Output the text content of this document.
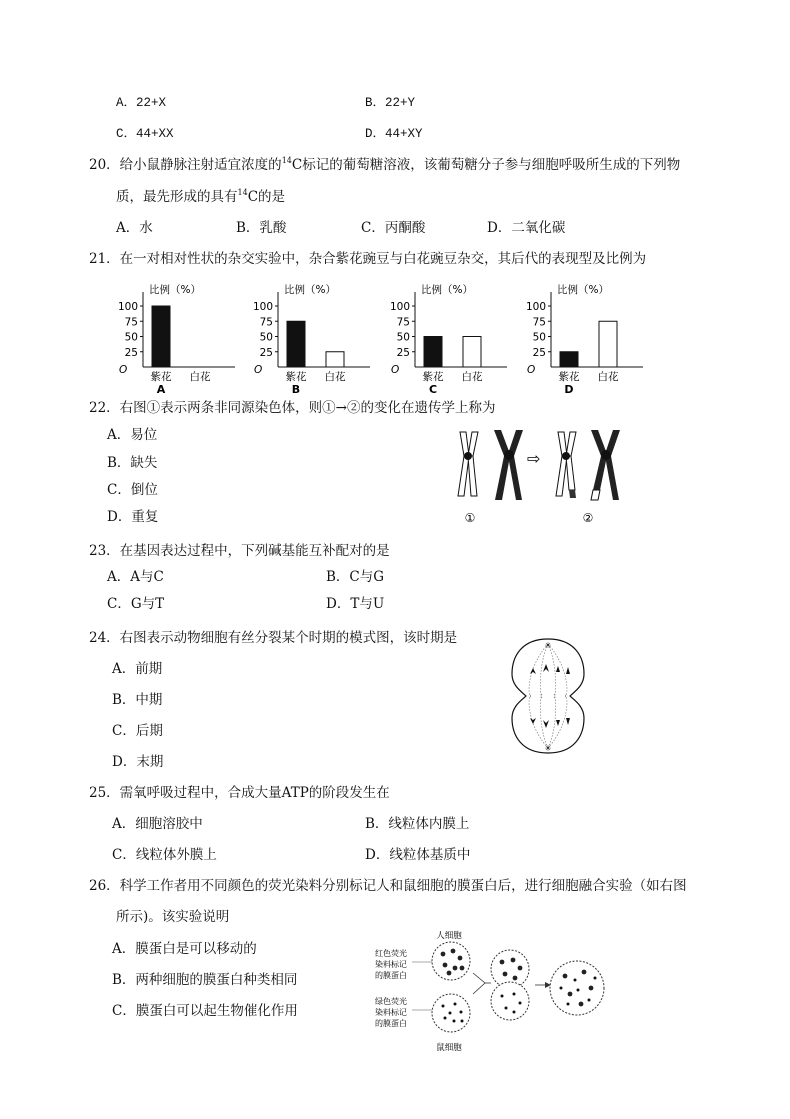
A．22+X	B．22+Y
C．44+XX	D．44+XY
20．给小鼠静脉注射适宜浓度的$^{14}$C标记的葡萄糖溶液，该葡萄糖分子参与细胞呼吸所生成的下列物
质，最先形成的具有$^{14}$C的是
A．水	B．乳酸	C．丙酮酸	D．二氧化碳
21．在一对相对性状的杂交实验中，杂合紫花豌豆与白花豌豆杂交，其后代的表现型及比例为
比例（%）
25
50
75
100
O
紫花 白花
A
比例（%）
25
50
75
100
O
紫花 白花
B
比例（%）
25
50
75
100
O
紫花 白花
C
比例（%）
25
50
75
100
O
紫花 白花
D
22．右图①表示两条非同源染色体，则①→②的变化在遗传学上称为
A．易位
B．缺失
C．倒位
D．重复
⇨
①	②
23．在基因表达过程中，下列碱基能互补配对的是
A．A与C	B．C与G
C．G与T	D．T与U
24．右图表示动物细胞有丝分裂某个时期的模式图，该时期是
A．前期
B．中期
C．后期
D．末期
✳
✳
25．需氧呼吸过程中，合成大量ATP的阶段发生在
A．细胞溶胶中	B．线粒体内膜上
C．线粒体外膜上	D．线粒体基质中
26．科学工作者用不同颜色的荧光染料分别标记人和鼠细胞的膜蛋白后，进行细胞融合实验（如右图
所示)。该实验说明
A．膜蛋白是可以移动的
B．两种细胞的膜蛋白种类相同
C．膜蛋白可以起生物催化作用
人细胞
红色荧光
染料标记
的膜蛋白
绿色荧光
染料标记
的膜蛋白
鼠细胞
